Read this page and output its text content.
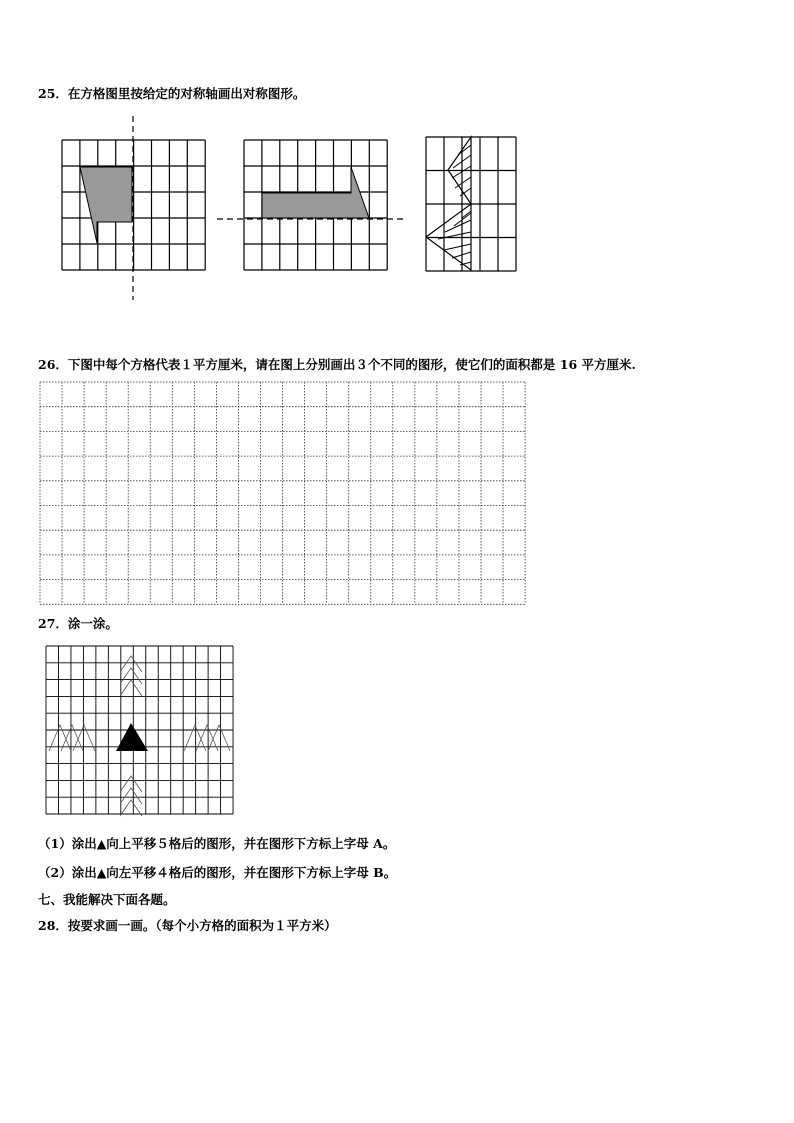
25．在方格图里按给定的对称轴画出对称图形。
26．下图中每个方格代表１平方厘米，请在图上分别画出３个不同的图形，使它们的面积都是 16 平方厘米.
27．涂一涂。
（1）涂出▲向上平移５格后的图形，并在图形下方标上字母 A。
（2）涂出▲向左平移４格后的图形，并在图形下方标上字母 B。
七、我能解决下面各题。
28．按要求画一画。（每个小方格的面积为１平方米）
